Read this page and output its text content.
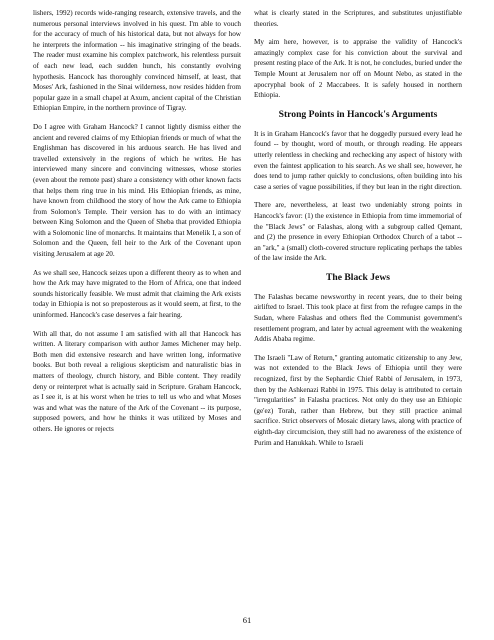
lishers, 1992) records wide-ranging research, extensive travels, and the numerous personal interviews involved in his quest. I'm able to vouch for the accuracy of much of his historical data, but not always for how he interprets the information -- his imaginative stringing of the beads. The reader must examine his complex patchwork, his relentless pursuit of each new lead, each sudden hunch, his constantly evolving hypothesis. Hancock has thoroughly convinced himself, at least, that Moses' Ark, fashioned in the Sinai wilderness, now resides hidden from popular gaze in a small chapel at Axum, ancient capital of the Christian Ethiopian Empire, in the northern province of Tigray.

Do I agree with Graham Hancock? I cannot lightly dismiss either the ancient and revered claims of my Ethiopian friends or much of what the Englishman has discovered in his arduous search. He has lived and travelled extensively in the regions of which he writes. He has interviewed many sincere and convincing witnesses, whose stories (even about the remote past) share a consistency with other known facts that helps them ring true in his mind. His Ethiopian friends, as mine, have known from childhood the story of how the Ark came to Ethiopia from Solomon's Temple. Their version has to do with an intimacy between King Solomon and the Queen of Sheba that provided Ethiopia with a Solomonic line of monarchs. It maintains that Menelik I, a son of Solomon and the Queen, fell heir to the Ark of the Covenant upon visiting Jerusalem at age 20.

As we shall see, Hancock seizes upon a different theory as to when and how the Ark may have migrated to the Horn of Africa, one that indeed sounds historically feasible. We must admit that claiming the Ark exists today in Ethiopia is not so preposterous as it would seem, at first, to the uninformed. Hancock's case deserves a fair hearing.

With all that, do not assume I am satisfied with all that Hancock has written. A literary comparison with author James Michener may help. Both men did extensive research and have written long, informative books. But both reveal a religious skepticism and naturalistic bias in matters of theology, church history, and Bible content. They readily deny or reinterpret what is actually said in Scripture. Graham Hancock, as I see it, is at his worst when he tries to tell us who and what Moses was and what was the nature of the Ark of the Covenant -- its purpose, supposed powers, and how he thinks it was utilized by Moses and others. He ignores or rejects

what is clearly stated in the Scriptures, and substitutes unjustifiable theories.

My aim here, however, is to appraise the validity of Hancock's amazingly complex case for his conviction about the survival and present resting place of the Ark. It is not, he concludes, buried under the Temple Mount at Jerusalem nor off on Mount Nebo, as stated in the apocryphal book of 2 Maccabees. It is safely housed in northern Ethiopia.

Strong Points in Hancock's Arguments

It is in Graham Hancock's favor that he doggedly pursued every lead he found -- by thought, word of mouth, or through reading. He appears utterly relentless in checking and rechecking any aspect of history with even the faintest application to his search. As we shall see, however, he does tend to jump rather quickly to conclusions, often building into his case a series of vague possibilities, if they but lean in the right direction.

There are, nevertheless, at least two undeniably strong points in Hancock's favor: (1) the existence in Ethiopia from time immemorial of the "Black Jews" or Falashas, along with a subgroup called Qemant, and (2) the presence in every Ethiopian Orthodox Church of a tabot -- an "ark," a (small) cloth-covered structure replicating perhaps the tables of the law inside the Ark.

The Black Jews

The Falashas became newsworthy in recent years, due to their being airlifted to Israel. This took place at first from the refugee camps in the Sudan, where Falashas and others fled the Communist government's resettlement program, and later by actual agreement with the weakening Addis Ababa regime.

The Israeli "Law of Return," granting automatic citizenship to any Jew, was not extended to the Black Jews of Ethiopia until they were recognized, first by the Sephardic Chief Rabbi of Jerusalem, in 1973, then by the Ashkenazi Rabbi in 1975. This delay is attributed to certain "irregularities" in Falasha practices. Not only do they use an Ethiopic (ge'ez) Torah, rather than Hebrew, but they still practice animal sacrifice. Strict observers of Mosaic dietary laws, along with practice of eighth-day circumcision, they still had no awareness of the existence of Purim and Hanukkah. While to Israeli

61
